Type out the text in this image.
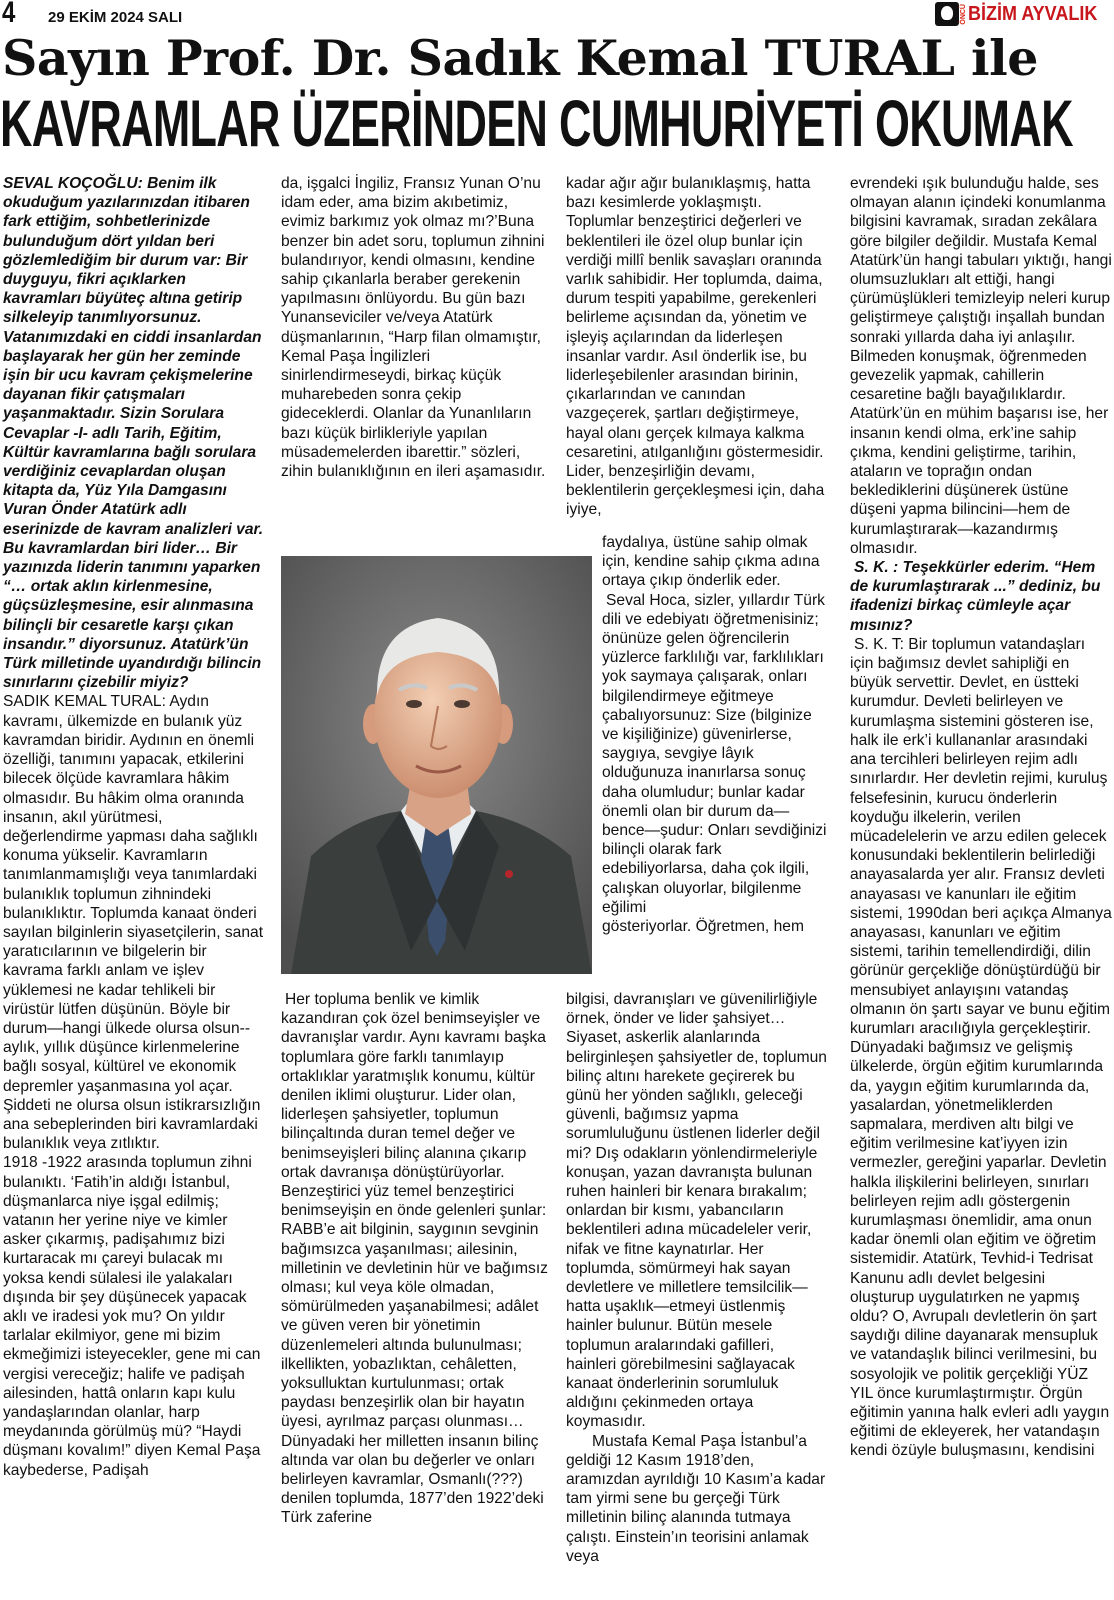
4 29 EKİM 2024 SALI	ÖNCÜ BİZİM AYVALIK
Sayın Prof. Dr. Sadık Kemal TURAL ile
KAVRAMLAR ÜZERİNDEN CUMHURİYETİ OKUMAK

SEVAL KOÇOĞLU: Benim ilk okuduğum yazılarınızdan itibaren fark ettiğim, sohbetlerinizde bulunduğum dört yıldan beri gözlemlediğim bir durum var: Bir duyguyu, fikri açıklarken kavramları büyüteç altına getirip silkeleyip tanımlıyorsunuz. Vatanımızdaki en ciddi insanlardan başlayarak her gün her zeminde işin bir ucu kavram çekişmelerine dayanan fikir çatışmaları yaşanmaktadır. Sizin Sorulara Cevaplar -I- adlı Tarih, Eğitim, Kültür kavramlarına bağlı sorulara verdiğiniz cevaplardan oluşan kitapta da, Yüz Yıla Damgasını Vuran Önder Atatürk adlı eserinizde de kavram analizleri var. Bu kavramlardan biri lider… Bir yazınızda liderin tanımını yaparken “… ortak aklın kirlenmesine, güçsüzleşmesine, esir alınmasına bilinçli bir cesaretle karşı çıkan insandır.” diyorsunuz. Atatürk’ün Türk milletinde uyandırdığı bilincin sınırlarını çizebilir miyiz?

SADIK KEMAL TURAL: Aydın kavramı, ülkemizde en bulanık yüz kavramdan biridir. Aydının en önemli özelliği, tanımını yapacak, etkilerini bilecek ölçüde kavramlara hâkim olmasıdır. Bu hâkim olma oranında insanın, akıl yürütmesi, değerlendirme yapması daha sağlıklı konuma yükselir. Kavramların tanımlanmamışlığı veya tanımlardaki bulanıklık toplumun zihnindeki bulanıklıktır. Toplumda kanaat önderi sayılan bilginlerin siyasetçilerin, sanat yaratıcılarının ve bilgelerin bir kavrama farklı anlam ve işlev yüklemesi ne kadar tehlikeli bir virüstür lütfen düşünün. Böyle bir durum—hangi ülkede olursa olsun-- aylık, yıllık düşünce kirlenmelerine bağlı sosyal, kültürel ve ekonomik depremler yaşanmasına yol açar. Şiddeti ne olursa olsun istikrarsızlığın ana sebeplerinden biri kavramlardaki bulanıklık veya zıtlıktır.

1918 -1922 arasında toplumun zihni bulanıktı. ‘Fatih’in aldığı İstanbul, düşmanlarca niye işgal edilmiş; vatanın her yerine niye ve kimler asker çıkarmış, padişahımız bizi kurtaracak mı çareyi bulacak mı yoksa kendi sülalesi ile yalakaları dışında bir şey düşünecek yapacak aklı ve iradesi yok mu? On yıldır tarlalar ekilmiyor, gene mi bizim ekmeğimizi isteyecekler, gene mi can vergisi vereceğiz; halife ve padişah ailesinden, hattâ onların kapı kulu yandaşlarından olanlar, harp meydanında görülmüş mü? “Haydi düşmanı kovalım!” diyen Kemal Paşa kaybederse, Padişah

da, işgalci İngiliz, Fransız Yunan O’nu idam eder, ama bizim akıbetimiz, evimiz barkımız yok olmaz mı?’Buna benzer bin adet soru, toplumun zihnini bulandırıyor, kendi olmasını, kendine sahip çıkanlarla beraber gerekenin yapılmasını önlüyordu. Bu gün bazı Yunanseviciler ve/veya Atatürk düşmanlarının, “Harp filan olmamıştır, Kemal Paşa İngilizleri sinirlendirmeseydi, birkaç küçük muharebeden sonra çekip gideceklerdi. Olanlar da Yunanlıların bazı küçük birlikleriyle yapılan müsademelerden ibarettir.” sözleri, zihin bulanıklığının en ileri aşamasıdır.

Her topluma benlik ve kimlik kazandıran çok özel benimseyişler ve davranışlar vardır. Aynı kavramı başka toplumlara göre farklı tanımlayıp ortaklıklar yaratmışlık konumu, kültür denilen iklimi oluşturur. Lider olan, liderleşen şahsiyetler, toplumun bilinçaltında duran temel değer ve benimseyişleri bilinç alanına çıkarıp ortak davranışa dönüştürüyorlar. Benzeştirici yüz temel benzeştirici benimseyişin en önde gelenleri şunlar: RABB’e ait bilginin, saygının sevginin bağımsızca yaşanılması; ailesinin, milletinin ve devletinin hür ve bağımsız olması; kul veya köle olmadan, sömürülmeden yaşanabilmesi; adâlet ve güven veren bir yönetimin düzenlemeleri altında bulunulması; ilkellikten, yobazlıktan, cehâletten, yoksulluktan kurtulunması; ortak paydası benzeşirlik olan bir hayatın üyesi, ayrılmaz parçası olunması… Dünyadaki her milletten insanın bilinç altında var olan bu değerler ve onları belirleyen kavramlar, Osmanlı(???) denilen toplumda, 1877’den 1922’deki Türk zaferine

kadar ağır ağır bulanıklaşmış, hatta bazı kesimlerde yoklaşmıştı. Toplumlar benzeştirici değerleri ve beklentileri ile özel olup bunlar için verdiği millî benlik savaşları oranında varlık sahibidir. Her toplumda, daima, durum tespiti yapabilme, gerekenleri belirleme açısından da, yönetim ve işleyiş açılarından da liderleşen insanlar vardır. Asıl önderlik ise, bu liderleşebilenler arasından birinin, çıkarlarından ve canından vazgeçerek, şartları değiştirmeye, hayal olanı gerçek kılmaya kalkma cesaretini, atılganlığını göstermesidir. Lider, benzeşirliğin devamı, beklentilerin gerçekleşmesi için, daha iyiye,

faydalıya, üstüne sahip olmak için, kendine sahip çıkma adına ortaya çıkıp önderlik eder.

Seval Hoca, sizler, yıllardır Türk dili ve edebiyatı öğretmenisiniz; önünüze gelen öğrencilerin yüzlerce farklılığı var, farklılıkları yok saymaya çalışarak, onları bilgilendirmeye eğitmeye çabalıyorsunuz: Size (bilginize ve kişiliğinize) güvenirlerse, saygıya, sevgiye lâyık olduğunuza inanırlarsa sonuç daha olumludur; bunlar kadar önemli olan bir durum da—bence—şudur: Onları sevdiğinizi bilinçli olarak fark edebiliyorlarsa, daha çok ilgili, çalışkan oluyorlar, bilgilenme eğilimi

gösteriyorlar. Öğretmen, hem

bilgisi, davranışları ve güvenilirliğiyle örnek, önder ve lider şahsiyet… Siyaset, askerlik alanlarında belirginleşen şahsiyetler de, toplumun bilinç altını harekete geçirerek bu günü her yönden sağlıklı, geleceği güvenli, bağımsız yapma sorumluluğunu üstlenen liderler değil mi? Dış odakların yönlendirmeleriyle konuşan, yazan davranışta bulunan ruhen hainleri bir kenara bırakalım; onlardan bir kısmı, yabancıların beklentileri adına mücadeleler verir, nifak ve fitne kaynatırlar. Her toplumda, sömürmeyi hak sayan devletlere ve milletlere temsilcilik—hatta uşaklık—etmeyi üstlenmiş hainler bulunur. Bütün mesele toplumun aralarındaki gafilleri, hainleri görebilmesini sağlayacak kanaat önderlerinin sorumluluk aldığını çekinmeden ortaya koymasıdır.

Mustafa Kemal Paşa İstanbul’a geldiği 12 Kasım 1918’den, aramızdan ayrıldığı 10 Kasım’a kadar tam yirmi sene bu gerçeği Türk milletinin bilinç alanında tutmaya çalıştı. Einstein’ın teorisini anlamak veya

evrendeki ışık bulunduğu halde, ses olmayan alanın içindeki konumlanma bilgisini kavramak, sıradan zekâlara göre bilgiler değildir. Mustafa Kemal Atatürk’ün hangi tabuları yıktığı, hangi olumsuzlukları alt ettiği, hangi çürümüşlükleri temizleyip neleri kurup geliştirmeye çalıştığı inşallah bundan sonraki yıllarda daha iyi anlaşılır. Bilmeden konuşmak, öğrenmeden gevezelik yapmak, cahillerin cesaretine bağlı bayağılıklardır. Atatürk’ün en mühim başarısı ise, her insanın kendi olma, erk’ine sahip çıkma, kendini geliştirme, tarihin, ataların ve toprağın ondan beklediklerini düşünerek üstüne düşeni yapma bilincini—hem de kurumlaştırarak—kazandırmış olmasıdır.

S. K. : Teşekkürler ederim. “Hem de kurumlaştırarak ...” dediniz, bu ifadenizi birkaç cümleyle açar mısınız?

S. K. T: Bir toplumun vatandaşları için bağımsız devlet sahipliği en büyük servettir. Devlet, en üstteki kurumdur. Devleti belirleyen ve kurumlaşma sistemini gösteren ise, halk ile erk’i kullananlar arasındaki ana tercihleri belirleyen rejim adlı sınırlardır. Her devletin rejimi, kuruluş felsefesinin, kurucu önderlerin koyduğu ilkelerin, verilen mücadelelerin ve arzu edilen gelecek konusundaki beklentilerin belirlediği anayasalarda yer alır. Fransız devleti anayasası ve kanunları ile eğitim sistemi, 1990dan beri açıkça Almanya anayasası, kanunları ve eğitim sistemi, tarihin temellendirdiği, dilin görünür gerçekliğe dönüştürdüğü bir mensubiyet anlayışını vatandaş olmanın ön şartı sayar ve bunu eğitim kurumları aracılığıyla gerçekleştirir. Dünyadaki bağımsız ve gelişmiş ülkelerde, örgün eğitim kurumlarında da, yaygın eğitim kurumlarında da, yasalardan, yönetmeliklerden sapmalara, merdiven altı bilgi ve eğitim verilmesine kat’iyyen izin vermezler, gereğini yaparlar. Devletin halkla ilişkilerini belirleyen, sınırları belirleyen rejim adlı göstergenin kurumlaşması önemlidir, ama onun kadar önemli olan eğitim ve öğretim sistemidir. Atatürk, Tevhid-i Tedrisat Kanunu adlı devlet belgesini oluşturup uygulatırken ne yapmış oldu? O, Avrupalı devletlerin ön şart saydığı diline dayanarak mensupluk ve vatandaşlık bilinci verilmesini, bu sosyolojik ve politik gerçekliği YÜZ YIL önce kurumlaştırmıştır. Örgün eğitimin yanına halk evleri adlı yaygın eğitimi de ekleyerek, her vatandaşın kendi özüyle buluşmasını, kendisini
